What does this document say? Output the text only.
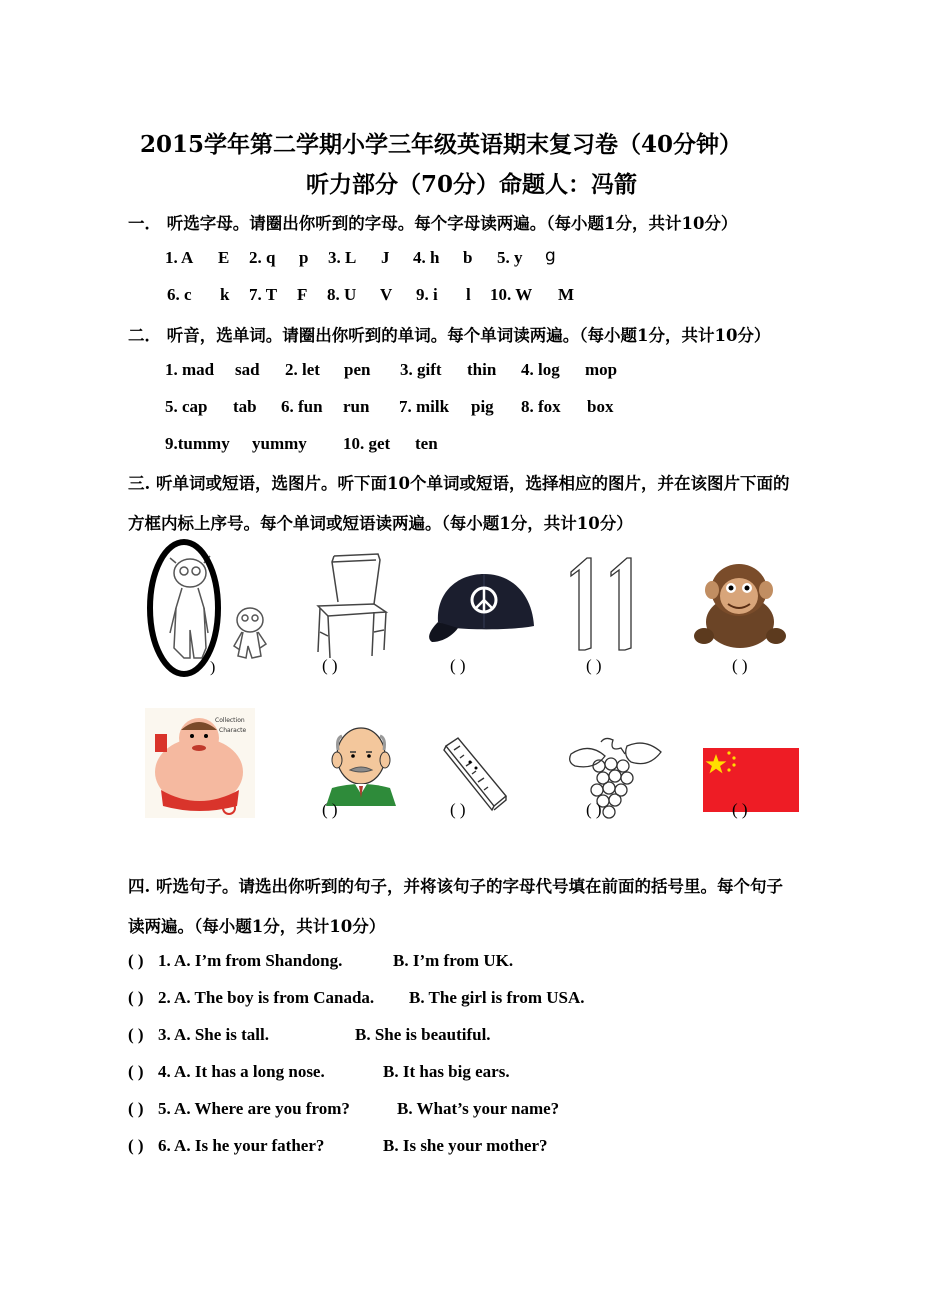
2015学年第二学期小学三年级英语期末复习卷（40分钟）
听力部分（70分）命题人：冯箭
一． 听选字母。请圈出你听到的字母。每个字母读两遍。（每小题1分，共计10分）
1. A E 2. q p 3. L J 4. h b 5. y g
6. c k 7. T F 8. U V 9. i l 10. W M
二． 听音，选单词。请圈出你听到的单词。每个单词读两遍。（每小题1分，共计10分）
1. mad sad 2. let pen 3. gift thin 4. log mop
5. cap tab 6. fun run 7. milk pig 8. fox box
9.tummy yummy 10. get ten
三. 听单词或短语，选图片。听下面10个单词或短语，选择相应的图片，并在该图片下面的
方框内标上序号。每个单词或短语读两遍。（每小题1分，共计10分）
)	( )	( )	( )	( )
Collection
Characte
( )	( )	( )	( )
四. 听选句子。请选出你听到的句子，并将该句子的字母代号填在前面的括号里。每个句子
读两遍。（每小题1分，共计10分）
( ) 1. A. I’m from Shandong.	B. I’m from UK.
( ) 2. A. The boy is from Canada. B. The girl is from USA.
( ) 3. A. She is tall.	B. She is beautiful.
( ) 4. A. It has a long nose.	B. It has big ears.
( ) 5. A. Where are you from?	B. What’s your name?
( ) 6. A. Is he your father?	B. Is she your mother?
